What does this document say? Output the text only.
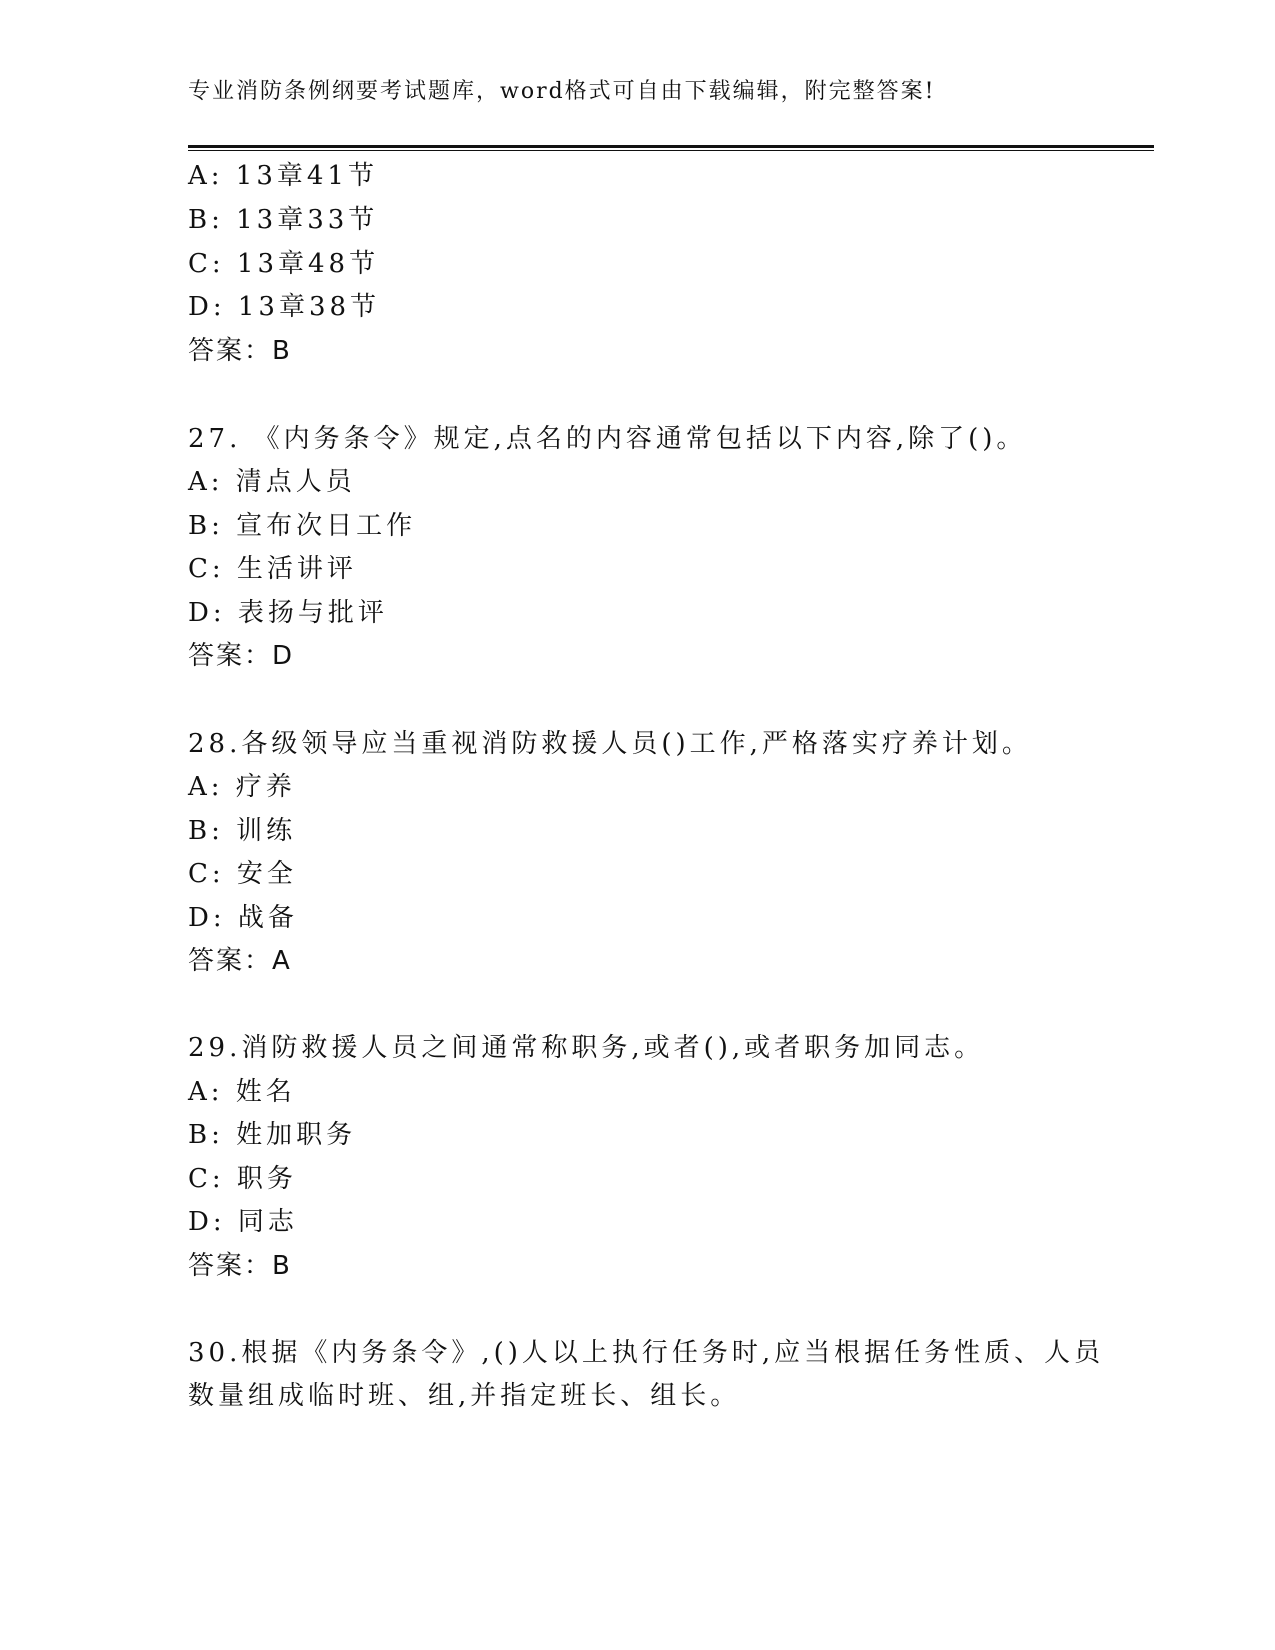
专业消防条例纲要考试题库，word格式可自由下载编辑，附完整答案!
A: 13章41节
B: 13章33节
C: 13章48节
D: 13章38节
答案：B
27. 《内务条令》规定,点名的内容通常包括以下内容,除了()。
A: 清点人员
B: 宣布次日工作
C: 生活讲评
D: 表扬与批评
答案：D
28.各级领导应当重视消防救援人员()工作,严格落实疗养计划。
A: 疗养
B: 训练
C: 安全
D: 战备
答案：A
29.消防救援人员之间通常称职务,或者(),或者职务加同志。
A: 姓名
B: 姓加职务
C: 职务
D: 同志
答案：B
30.根据《内务条令》,()人以上执行任务时,应当根据任务性质、人员
数量组成临时班、组,并指定班长、组长。
